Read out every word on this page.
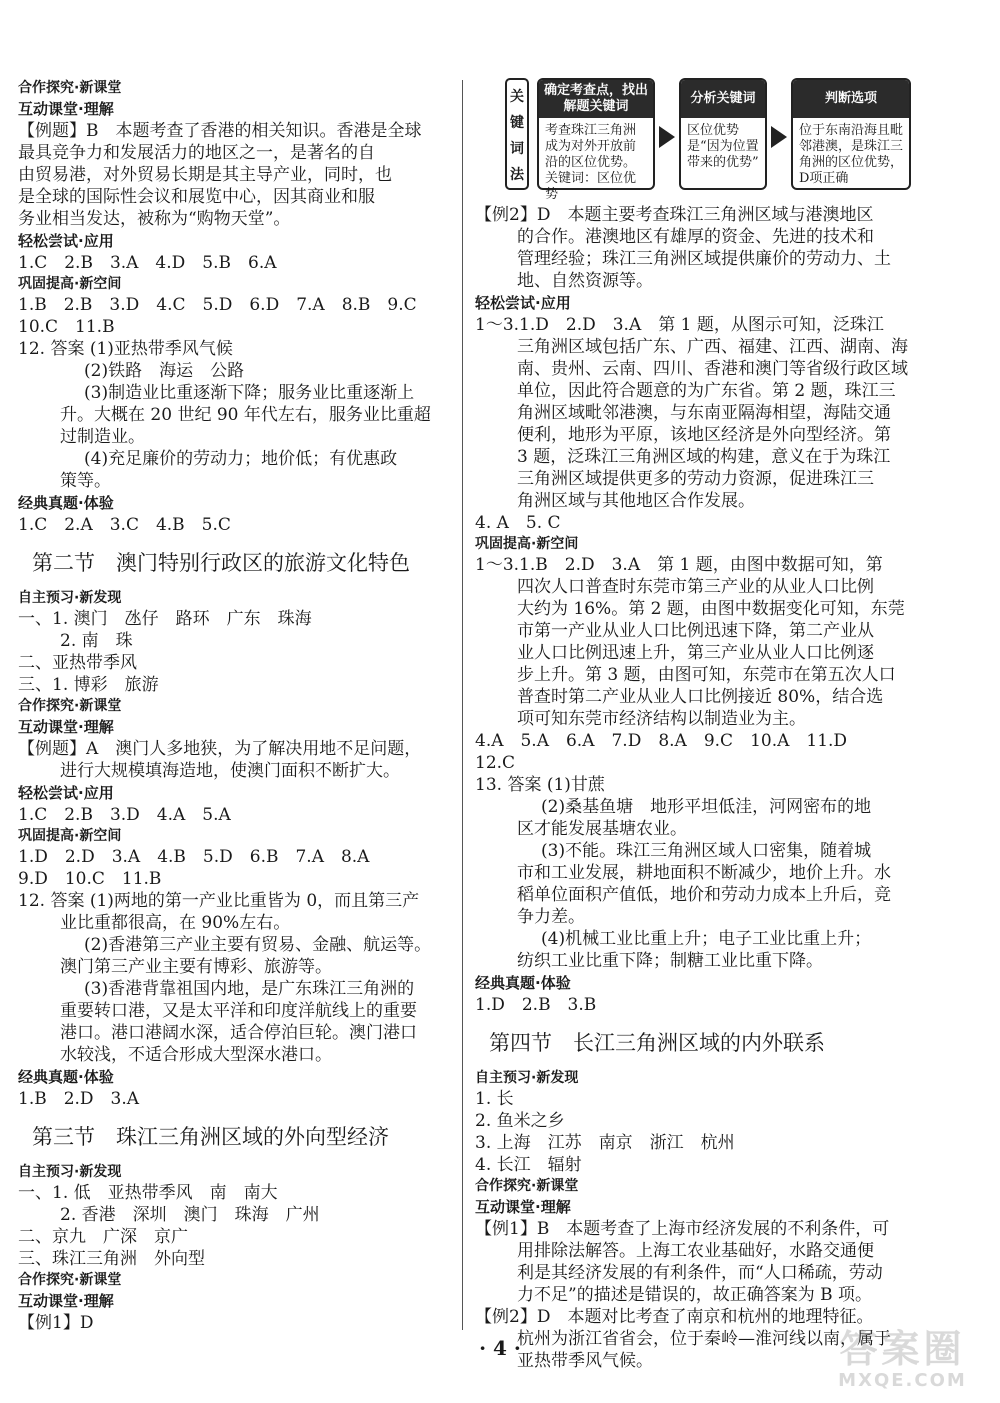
合作探究·新课堂
互动课堂·理解
【例题】B　本题考查了香港的相关知识。香港是全球
最具竞争力和发展活力的地区之一，是著名的自
由贸易港，对外贸易长期是其主导产业，同时，也
是全球的国际性会议和展览中心，因其商业和服
务业相当发达，被称为“购物天堂”。
轻松尝试·应用
1.C　2.B　3.A　4.D　5.B　6.A
巩固提高·新空间
1.B　2.B　3.D　4.C　5.D　6.D　7.A　8.B　9.C
10.C　11.B
12. 答案 (1)亚热带季风气候
(2)铁路　海运　公路
(3)制造业比重逐渐下降；服务业比重逐渐上
升。大概在 20 世纪 90 年代左右，服务业比重超
过制造业。
(4)充足廉价的劳动力；地价低；有优惠政
策等。
经典真题·体验
1.C　2.A　3.C　4.B　5.C
第二节　澳门特别行政区的旅游文化特色
自主预习·新发现
一、1. 澳门　氹仔　路环　广东　珠海
2. 南　珠
二、亚热带季风
三、1. 博彩　旅游
合作探究·新课堂
互动课堂·理解
【例题】A　澳门人多地狭，为了解决用地不足问题，
进行大规模填海造地，使澳门面积不断扩大。
轻松尝试·应用
1.C　2.B　3.D　4.A　5.A
巩固提高·新空间
1.D　2.D　3.A　4.B　5.D　6.B　7.A　8.A
9.D　10.C　11.B
12. 答案 (1)两地的第一产业比重皆为 0，而且第三产
业比重都很高，在 90%左右。
(2)香港第三产业主要有贸易、金融、航运等。
澳门第三产业主要有博彩、旅游等。
(3)香港背靠祖国内地，是广东珠江三角洲的
重要转口港，又是太平洋和印度洋航线上的重要
港口。港口港阔水深，适合停泊巨轮。澳门港口
水较浅，不适合形成大型深水港口。
经典真题·体验
1.B　2.D　3.A
第三节　珠江三角洲区域的外向型经济
自主预习·新发现
一、1. 低　亚热带季风　南　南大
2. 香港　深圳　澳门　珠海　广州
二、京九　广深　京广
三、珠江三角洲　外向型
合作探究·新课堂
互动课堂·理解
【例1】D
关键词法
确定考查点，找出解题关键词
考查珠江三角洲成为对外开放前沿的区位优势。关键词：区位优势
分析关键词
区位优势是“因为位置带来的优势”
判断选项
位于东南沿海且毗邻港澳，是珠江三角洲的区位优势，D项正确
【例2】D　本题主要考查珠江三角洲区域与港澳地区
的合作。港澳地区有雄厚的资金、先进的技术和
管理经验；珠江三角洲区域提供廉价的劳动力、土
地、自然资源等。
轻松尝试·应用
1～3.1.D　2.D　3.A　第 1 题，从图示可知，泛珠江
三角洲区域包括广东、广西、福建、江西、湖南、海
南、贵州、云南、四川、香港和澳门等省级行政区域
单位，因此符合题意的为广东省。第 2 题，珠江三
角洲区域毗邻港澳，与东南亚隔海相望，海陆交通
便利，地形为平原，该地区经济是外向型经济。第
3 题，泛珠江三角洲区域的构建，意义在于为珠江
三角洲区域提供更多的劳动力资源，促进珠江三
角洲区域与其他地区合作发展。
4. A　5. C
巩固提高·新空间
1～3.1.B　2.D　3.A　第 1 题，由图中数据可知，第
四次人口普查时东莞市第三产业的从业人口比例
大约为 16%。第 2 题，由图中数据变化可知，东莞
市第一产业从业人口比例迅速下降，第二产业从
业人口比例迅速上升，第三产业从业人口比例逐
步上升。第 3 题，由图可知，东莞市在第五次人口
普查时第二产业从业人口比例接近 80%，结合选
项可知东莞市经济结构以制造业为主。
4.A　5.A　6.A　7.D　8.A　9.C　10.A　11.D
12.C
13. 答案 (1)甘蔗
(2)桑基鱼塘　地形平坦低洼，河网密布的地
区才能发展基塘农业。
(3)不能。珠江三角洲区域人口密集，随着城
市和工业发展，耕地面积不断减少，地价上升。水
稻单位面积产值低，地价和劳动力成本上升后，竞
争力差。
(4)机械工业比重上升；电子工业比重上升；
纺织工业比重下降；制糖工业比重下降。
经典真题·体验
1.D　2.B　3.B
第四节　长江三角洲区域的内外联系
自主预习·新发现
1. 长
2. 鱼米之乡
3. 上海　江苏　南京　浙江　杭州
4. 长江　辐射
合作探究·新课堂
互动课堂·理解
【例1】B　本题考查了上海市经济发展的不利条件，可
用排除法解答。上海工农业基础好，水路交通便
利是其经济发展的有利条件，而“人口稀疏，劳动
力不足”的描述是错误的，故正确答案为 B 项。
【例2】D　本题对比考查了南京和杭州的地理特征。
杭州为浙江省省会，位于秦岭—淮河线以南，属于
亚热带季风气候。
· 4 ·	答案圈
MXQE.COM
